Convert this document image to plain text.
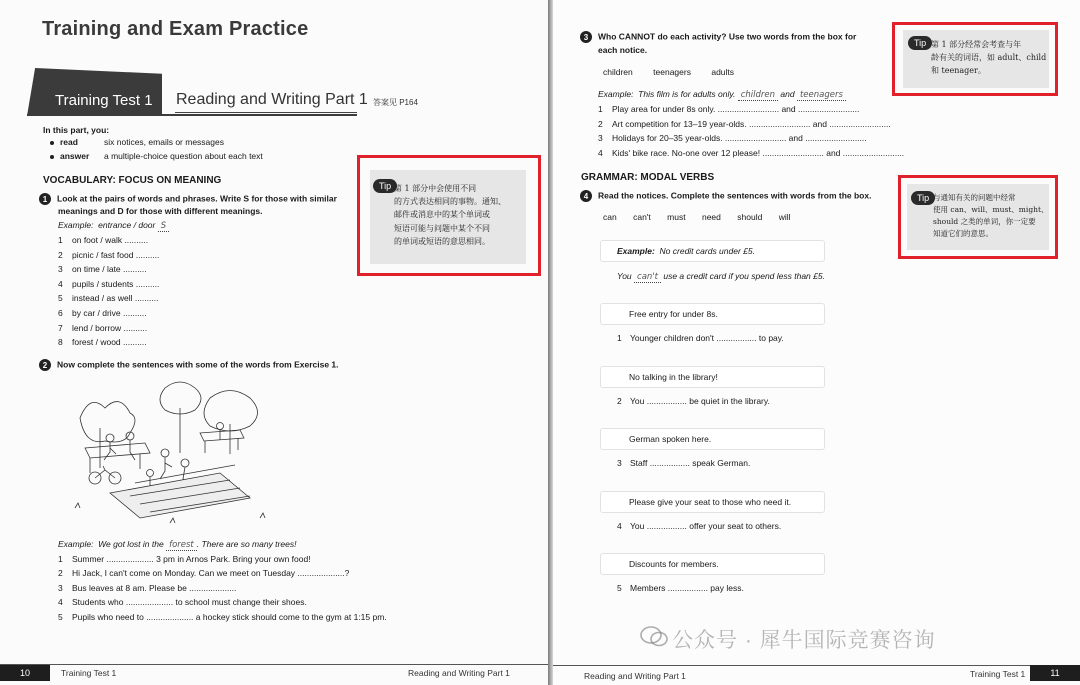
Training and Exam Practice
Training Test 1 Reading and Writing Part 1 答案见 P164
In this part, you:
read	six notices, emails or messages
answer a multiple-choice question about each text
VOCABULARY: FOCUS ON MEANING
1 Look at the pairs of words and phrases. Write S for those with similar
meanings and D for those with different meanings.
Example: entrance / door S
1 on foot / walk ..........
2 picnic / fast food ..........
3 on time / late ..........
4 pupils / students ..........
5 instead / as well ..........
6 by car / drive ..........
7 lend / borrow ..........
8 forest / wood ..........
2 Now complete the sentences with some of the words from Exercise 1.
Example: We got lost in the forest . There are so many trees!
1 Summer .................... 3 pm in Arnos Park. Bring your own food!
2 Hi Jack, I can't come on Monday. Can we meet on Tuesday ....................?
3 Bus leaves at 8 am. Please be ....................
4 Students who .................... to school must change their shoes.
5 Pupils who need to .................... a hockey stick should come to the gym at 1:15 pm.
Tip 第 1 部分中会使用不同
的方式表达相同的事物。通知、
邮件或消息中的某个单词或
短语可能与问题中某个不同
的单词或短语的意思相同。
10	Training Test 1	Reading and Writing Part 1
3 Who CANNOT do each activity? Use two words from the box for
each notice.
children teenagers adults
Example: This film is for adults only. children and teenagers
1 Play area for under 8s only. .......................... and ..........................
2 Art competition for 13–19 year-olds. .......................... and ..........................
3 Holidays for 20–35 year-olds. .......................... and ..........................
4 Kids' bike race. No-one over 12 please! .......................... and ..........................
GRAMMAR: MODAL VERBS
4 Read the notices. Complete the sentences with words from the box.
can can't must need should will
Example: No credit cards under £5.
You can't use a credit card if you spend less than £5.
Free entry for under 8s.
1 Younger children don't ................. to pay.
No talking in the library!
2 You ................. be quiet in the library.
German spoken here.
3 Staff ................. speak German.
Please give your seat to those who need it.
4 You ................. offer your seat to others.
Discounts for members.
5 Members ................. pay less.
Tip 第 1 部分经常会考查与年
龄有关的词语，如 adult、child
和 teenager。
Tip 与通知有关的问题中经常
使用 can、will、must、might、
should 之类的单词，你一定要
知道它们的意思。
公众号 · 犀牛国际竞赛咨询
Reading and Writing Part 1	Training Test 1	11
